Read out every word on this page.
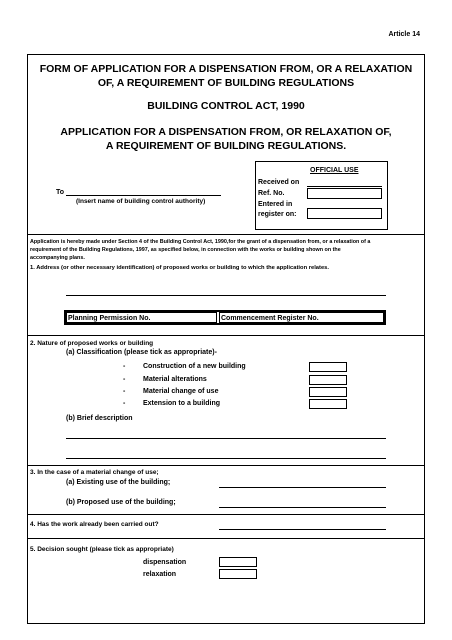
Article 14
FORM OF APPLICATION FOR A DISPENSATION FROM, OR A RELAXATION
OF, A REQUIREMENT OF BUILDING REGULATIONS
BUILDING CONTROL ACT, 1990
APPLICATION FOR A DISPENSATION FROM, OR RELAXATION OF,
A REQUIREMENT OF BUILDING REGULATIONS.
To
(Insert name of building control authority)
OFFICIAL USE
Received on
Ref. No.
Entered in
register on:
Application is hereby made under Section 4 of the Building Control Act, 1990,for the grant of a dispensation from, or a relaxation of a
requirement of the Building Regulations, 1997, as specified below, in connection with the works or building shown on the
accompanying plans.
1. Address (or other necessary identification) of proposed works or building to which the application relates.
Planning Permission No.	Commencement Register No.
2. Nature of proposed works or building
(a) Classification (please tick as appropriate)-
-	Construction of a new building
-	Material alterations
-	Material change of use
-	Extension to a building
(b) Brief description
3. In the case of a material change of use;
(a) Existing use of the building;
(b) Proposed use of the building;
4. Has the work already been carried out?
5. Decision sought (please tick as appropriate)
dispensation
relaxation
